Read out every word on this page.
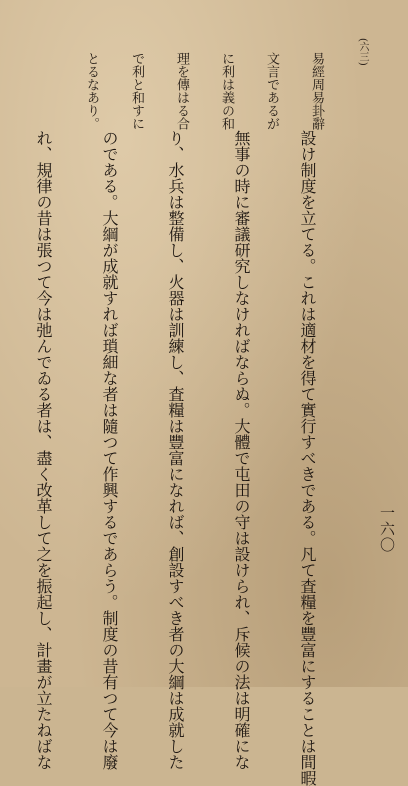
一六〇
(六三)

易經周易卦辭

文言であるが

に利は義の和

理を傳はる合

で利と和すに

とるなあり。

設け制度を立てる。これは適材を得て實行すべきである。凡て査糧を豐富にすることは間暇

無事の時に審議研究しなければならぬ。大體で屯田の守は設けられ、斥候の法は明確にな

り、水兵は整備し、火器は訓練し、査糧は豐富になれば、創設すべき者の大綱は成就した

のである。大綱が成就すれば瑣細な者は隨つて作興するであらう。制度の昔有つて今は廢

れ、規律の昔は張つて今は弛んでゐる者は、盡く改革して之を振起し、計畫が立たねばな
